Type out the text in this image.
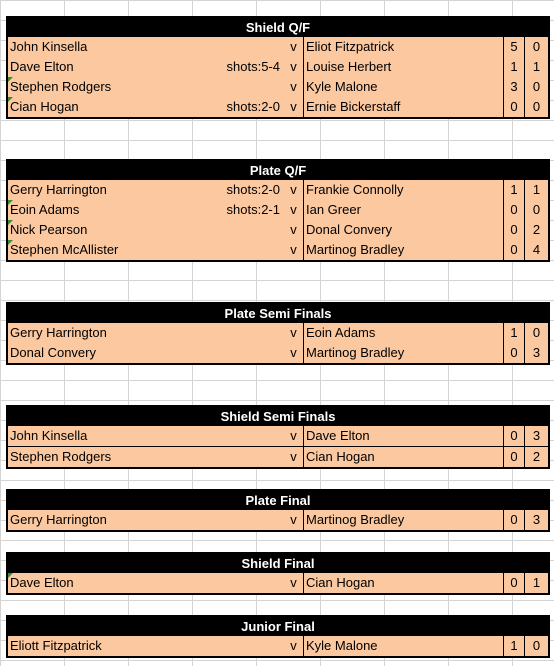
Shield Q/F
John Kinsella	v Eliot Fitzpatrick	5	0
Dave Elton	shots:5-4 v Louise Herbert	1	1
Stephen Rodgers	v Kyle Malone	3	0
Cian Hogan	shots:2-0 v Ernie Bickerstaff	0	0
Plate Q/F
Gerry Harrington	shots:2-0 v Frankie Connolly	1	1
Eoin Adams	shots:2-1 v Ian Greer	0	0
Nick Pearson	v Donal Convery	0	2
Stephen McAllister	v Martinog Bradley	0	4
Plate Semi Finals
Gerry Harrington	v Eoin Adams	1	0
Donal Convery	v Martinog Bradley	0	3
Shield Semi Finals
John Kinsella	v Dave Elton	0	3
Stephen Rodgers	v Cian Hogan	0	2
Plate Final
Gerry Harrington	v Martinog Bradley	0	3
Shield Final
Dave Elton	v Cian Hogan	0	1
Junior Final
Eliott Fitzpatrick	v Kyle Malone	1	0
